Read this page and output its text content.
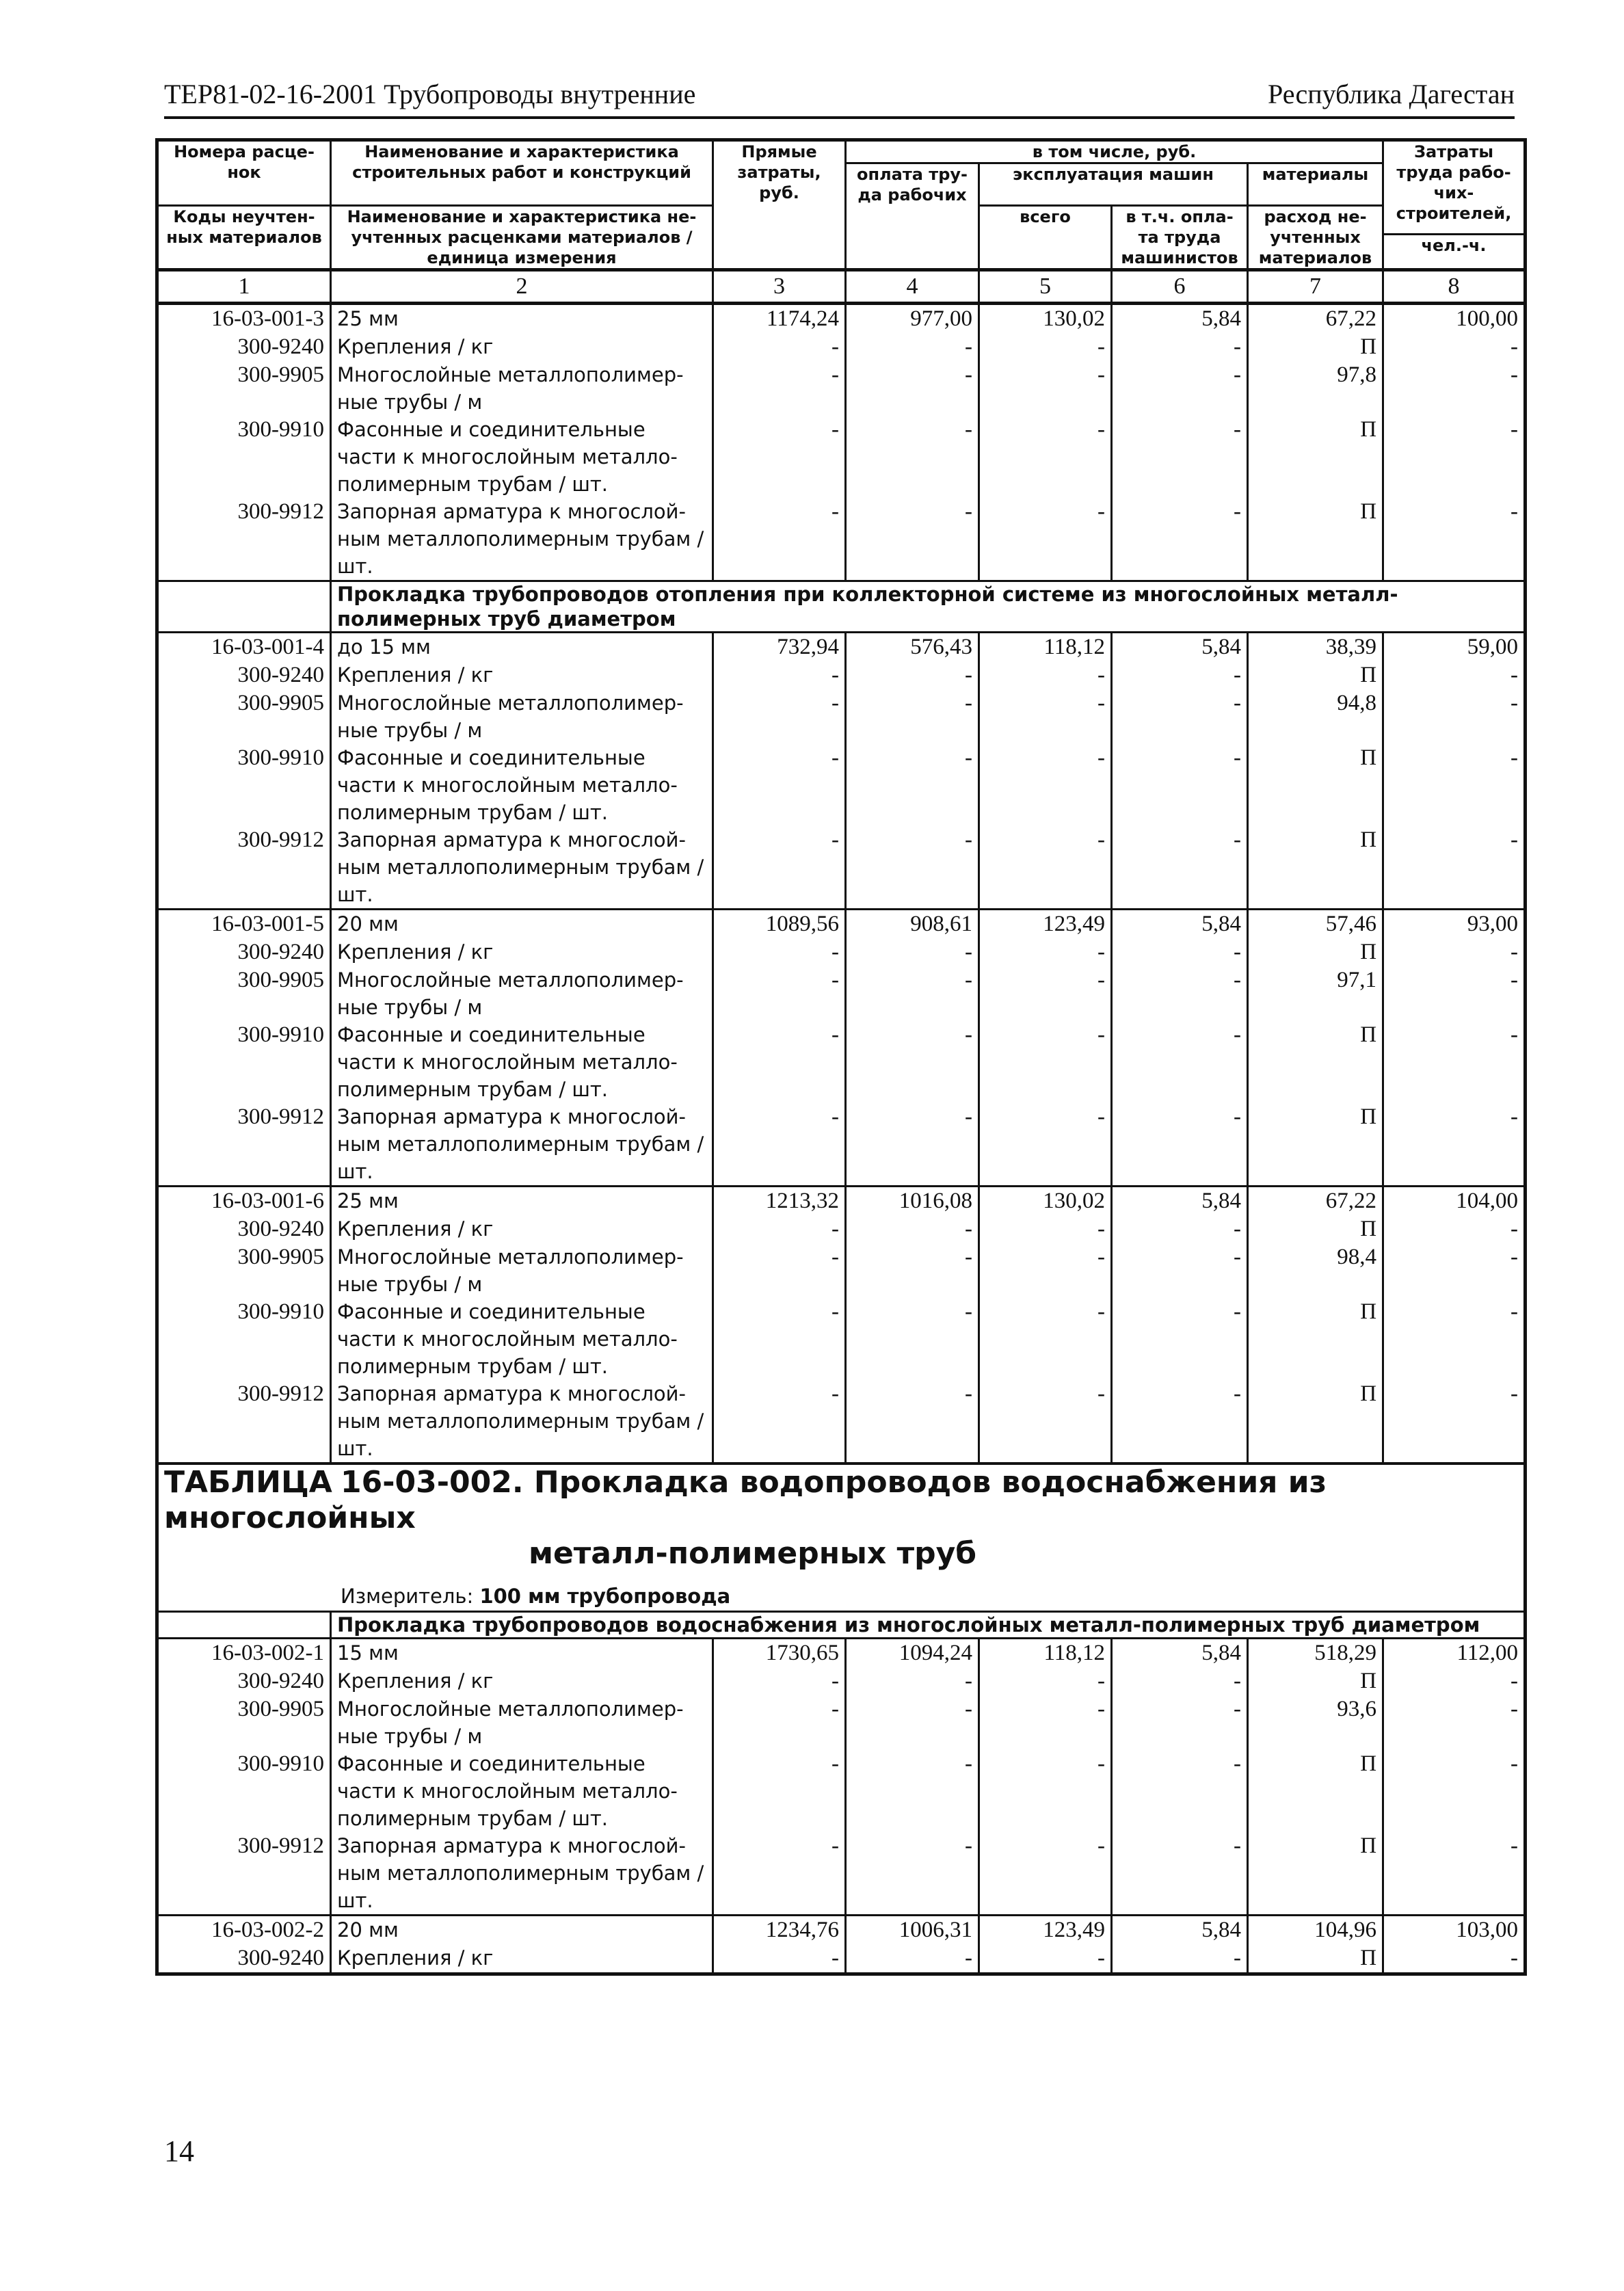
ТЕР81-02-16-2001 Трубопроводы внутренние	Республика Дагестан
Номера расце-нок	Наименование и характеристика строительных работ и конструкций	Прямые затраты, руб.	в том числе, руб.				Затраты труда рабо-чих-строителей,
			оплата тру-да рабочих	эксплуатация машин		материалы	
Коды неучтен-ных материалов	Наименование и характеристика не-учтенных расценками материалов / единица измерения			всего	в т.ч. опла-та труда машинистов	расход не-учтенных материалов	
							чел.-ч.
1	2	3	4	5	6	7	8
16-03-001-3	25 мм	1174,24	977,00	130,02	5,84	67,22	100,00
300-9240	Крепления / кг	-	-	-	-	П	-
300-9905	Многослойные металлополимер-ные трубы / м	-	-	-	-	97,8	-
300-9910	Фасонные и соединительные части к многослойным металло-полимерным трубам / шт.	-	-	-	-	П	-
300-9912	Запорная арматура к многослой-ным металлополимерным трубам / шт.	-	-	-	-	П	-
	Прокладка трубопроводов отопления при коллекторной системе из многослойных металл-полимерных труб диаметром						
16-03-001-4	до 15 мм	732,94	576,43	118,12	5,84	38,39	59,00
300-9240	Крепления / кг	-	-	-	-	П	-
300-9905	Многослойные металлополимер-ные трубы / м	-	-	-	-	94,8	-
300-9910	Фасонные и соединительные части к многослойным металло-полимерным трубам / шт.	-	-	-	-	П	-
300-9912	Запорная арматура к многослой-ным металлополимерным трубам / шт.	-	-	-	-	П	-
16-03-001-5	20 мм	1089,56	908,61	123,49	5,84	57,46	93,00
300-9240	Крепления / кг	-	-	-	-	П	-
300-9905	Многослойные металлополимер-ные трубы / м	-	-	-	-	97,1	-
300-9910	Фасонные и соединительные части к многослойным металло-полимерным трубам / шт.	-	-	-	-	П	-
300-9912	Запорная арматура к многослой-ным металлополимерным трубам / шт.	-	-	-	-	П	-
16-03-001-6	25 мм	1213,32	1016,08	130,02	5,84	67,22	104,00
300-9240	Крепления / кг	-	-	-	-	П	-
300-9905	Многослойные металлополимер-ные трубы / м	-	-	-	-	98,4	-
300-9910	Фасонные и соединительные части к многослойным металло-полимерным трубам / шт.	-	-	-	-	П	-
300-9912	Запорная арматура к многослой-ным металлополимерным трубам / шт.	-	-	-	-	П	-

ТАБЛИЦА 16-03-002. Прокладка водопроводов водоснабжения из многослойных
металл-полимерных труб
Измеритель: 100 мм трубопровода							

	Прокладка трубопроводов водоснабжения из многослойных металл-полимерных труб диаметром						
16-03-002-1	15 мм	1730,65	1094,24	118,12	5,84	518,29	112,00
300-9240	Крепления / кг	-	-	-	-	П	-
300-9905	Многослойные металлополимер-ные трубы / м	-	-	-	-	93,6	-
300-9910	Фасонные и соединительные части к многослойным металло-полимерным трубам / шт.	-	-	-	-	П	-
300-9912	Запорная арматура к многослой-ным металлополимерным трубам / шт.	-	-	-	-	П	-
16-03-002-2	20 мм	1234,76	1006,31	123,49	5,84	104,96	103,00
300-9240	Крепления / кг	-	-	-	-	П	-
14
